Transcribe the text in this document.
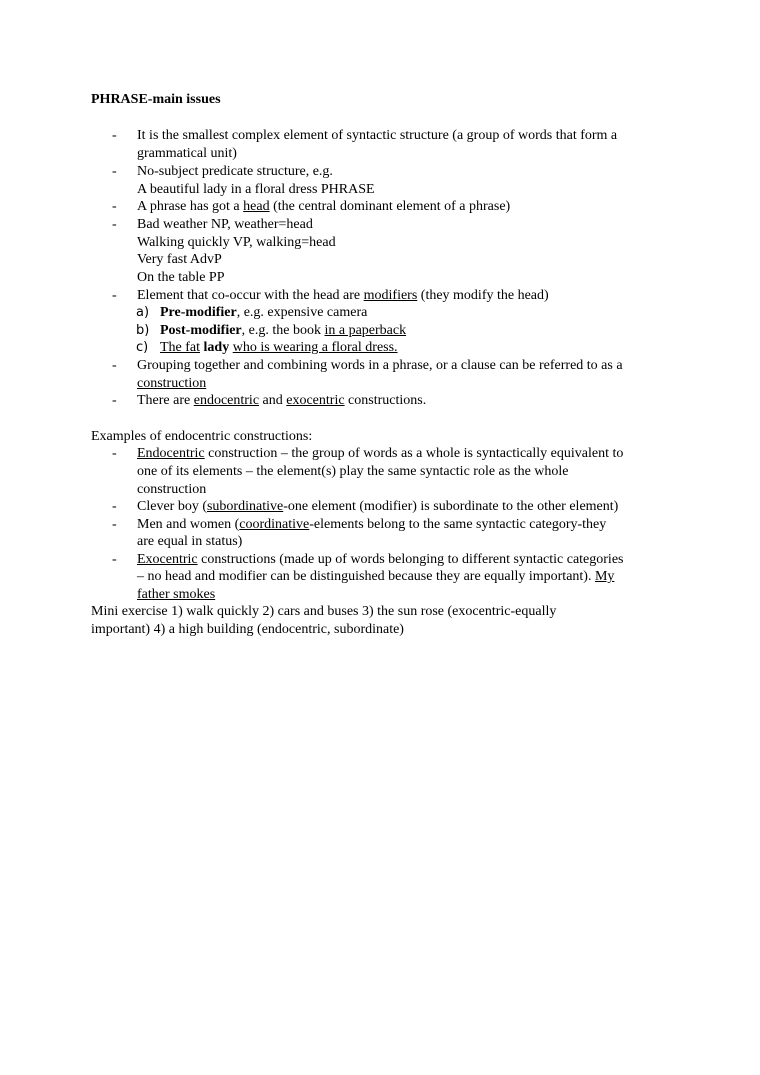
PHRASE-main issues
- It is the smallest complex element of syntactic structure (a group of words that form a
grammatical unit)
- No-subject predicate structure, e.g.
A beautiful lady in a floral dress PHRASE
- A phrase has got a head (the central dominant element of a phrase)
- Bad weather NP, weather=head
Walking quickly VP, walking=head
Very fast AdvP
On the table PP
- Element that co-occur with the head are modifiers (they modify the head)
a) Pre-modifier, e.g. expensive camera
b) Post-modifier, e.g. the book in a paperback
c) The fat lady who is wearing a floral dress.
- Grouping together and combining words in a phrase, or a clause can be referred to as a
construction
- There are endocentric and exocentric constructions.
Examples of endocentric constructions:
- Endocentric construction – the group of words as a whole is syntactically equivalent to
one of its elements – the element(s) play the same syntactic role as the whole
construction
- Clever boy (subordinative-one element (modifier) is subordinate to the other element)
- Men and women (coordinative-elements belong to the same syntactic category-they
are equal in status)
- Exocentric constructions (made up of words belonging to different syntactic categories
– no head and modifier can be distinguished because they are equally important). My
father smokes
Mini exercise 1) walk quickly 2) cars and buses 3) the sun rose (exocentric-equally
important) 4) a high building (endocentric, subordinate)
